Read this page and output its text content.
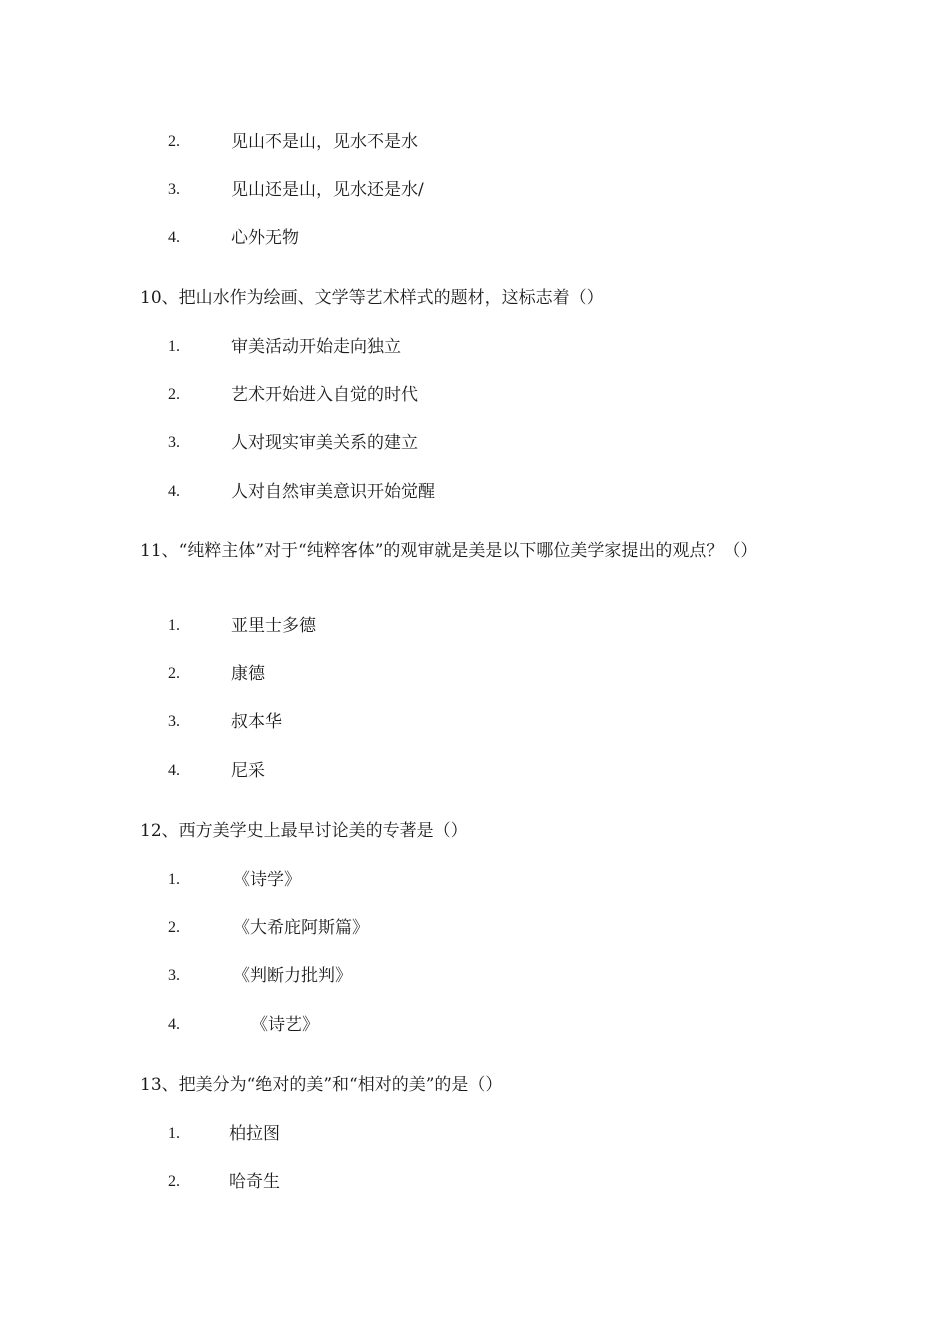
2.	见山不是山，见水不是水
3.	见山还是山，见水还是水/
4.	心外无物
10、把山水作为绘画、文学等艺术样式的题材，这标志着（）
1.	审美活动开始走向独立
2.	艺术开始进入自觉的时代
3.	人对现实审美关系的建立
4.	人对自然审美意识开始觉醒
11、“纯粹主体”对于“纯粹客体”的观审就是美是以下哪位美学家提出的观点？（）
1.	亚里士多德
2.	康德
3.	叔本华
4.	尼采
12、西方美学史上最早讨论美的专著是（）
1.	《诗学》
2.	《大希庇阿斯篇》
3.	《判断力批判》
4.	《诗艺》
13、把美分为“绝对的美”和“相对的美”的是（）
1.	柏拉图
2.	哈奇生
